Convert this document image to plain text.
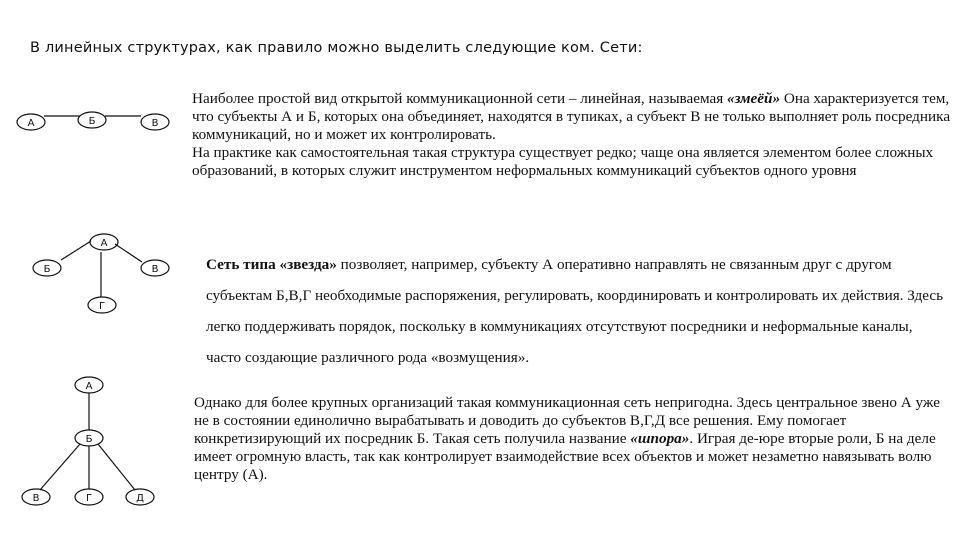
В линейных структурах, как правило можно выделить следующие ком. Сети:
А	Б	В
А
Б	В
Г
А
Б
В	Г	Д
Наиболее простой вид открытой коммуникационной сети – линейная, называемая «змеёй» Она характеризуется тем, что субъекты А и Б, которых она объединяет, находятся в тупиках, а субъект В не только выполняет роль посредника коммуникаций, но и может их контролировать.
На практике как самостоятельная такая структура существует редко; чаще она является элементом более сложных образований, в которых служит инструментом неформальных коммуникаций субъектов одного уровня
Сеть типа «звезда» позволяет, например, субъекту А оперативно направлять не связанным друг с другом субъектам Б,В,Г необходимые распоряжения, регулировать, координировать и контролировать их действия. Здесь легко поддерживать порядок, поскольку в коммуникациях отсутствуют посредники и неформальные каналы, часто создающие различного рода «возмущения».
Однако для более крупных организаций такая коммуникационная сеть непригодна. Здесь центральное звено А уже не в состоянии единолично вырабатывать и доводить до субъектов В,Г,Д все решения. Ему помогает конкретизирующий их посредник Б. Такая сеть получила название «шпора». Играя де-юре вторые роли, Б на деле имеет огромную власть, так как контролирует взаимодействие всех объектов и может незаметно навязывать волю центру (А).
